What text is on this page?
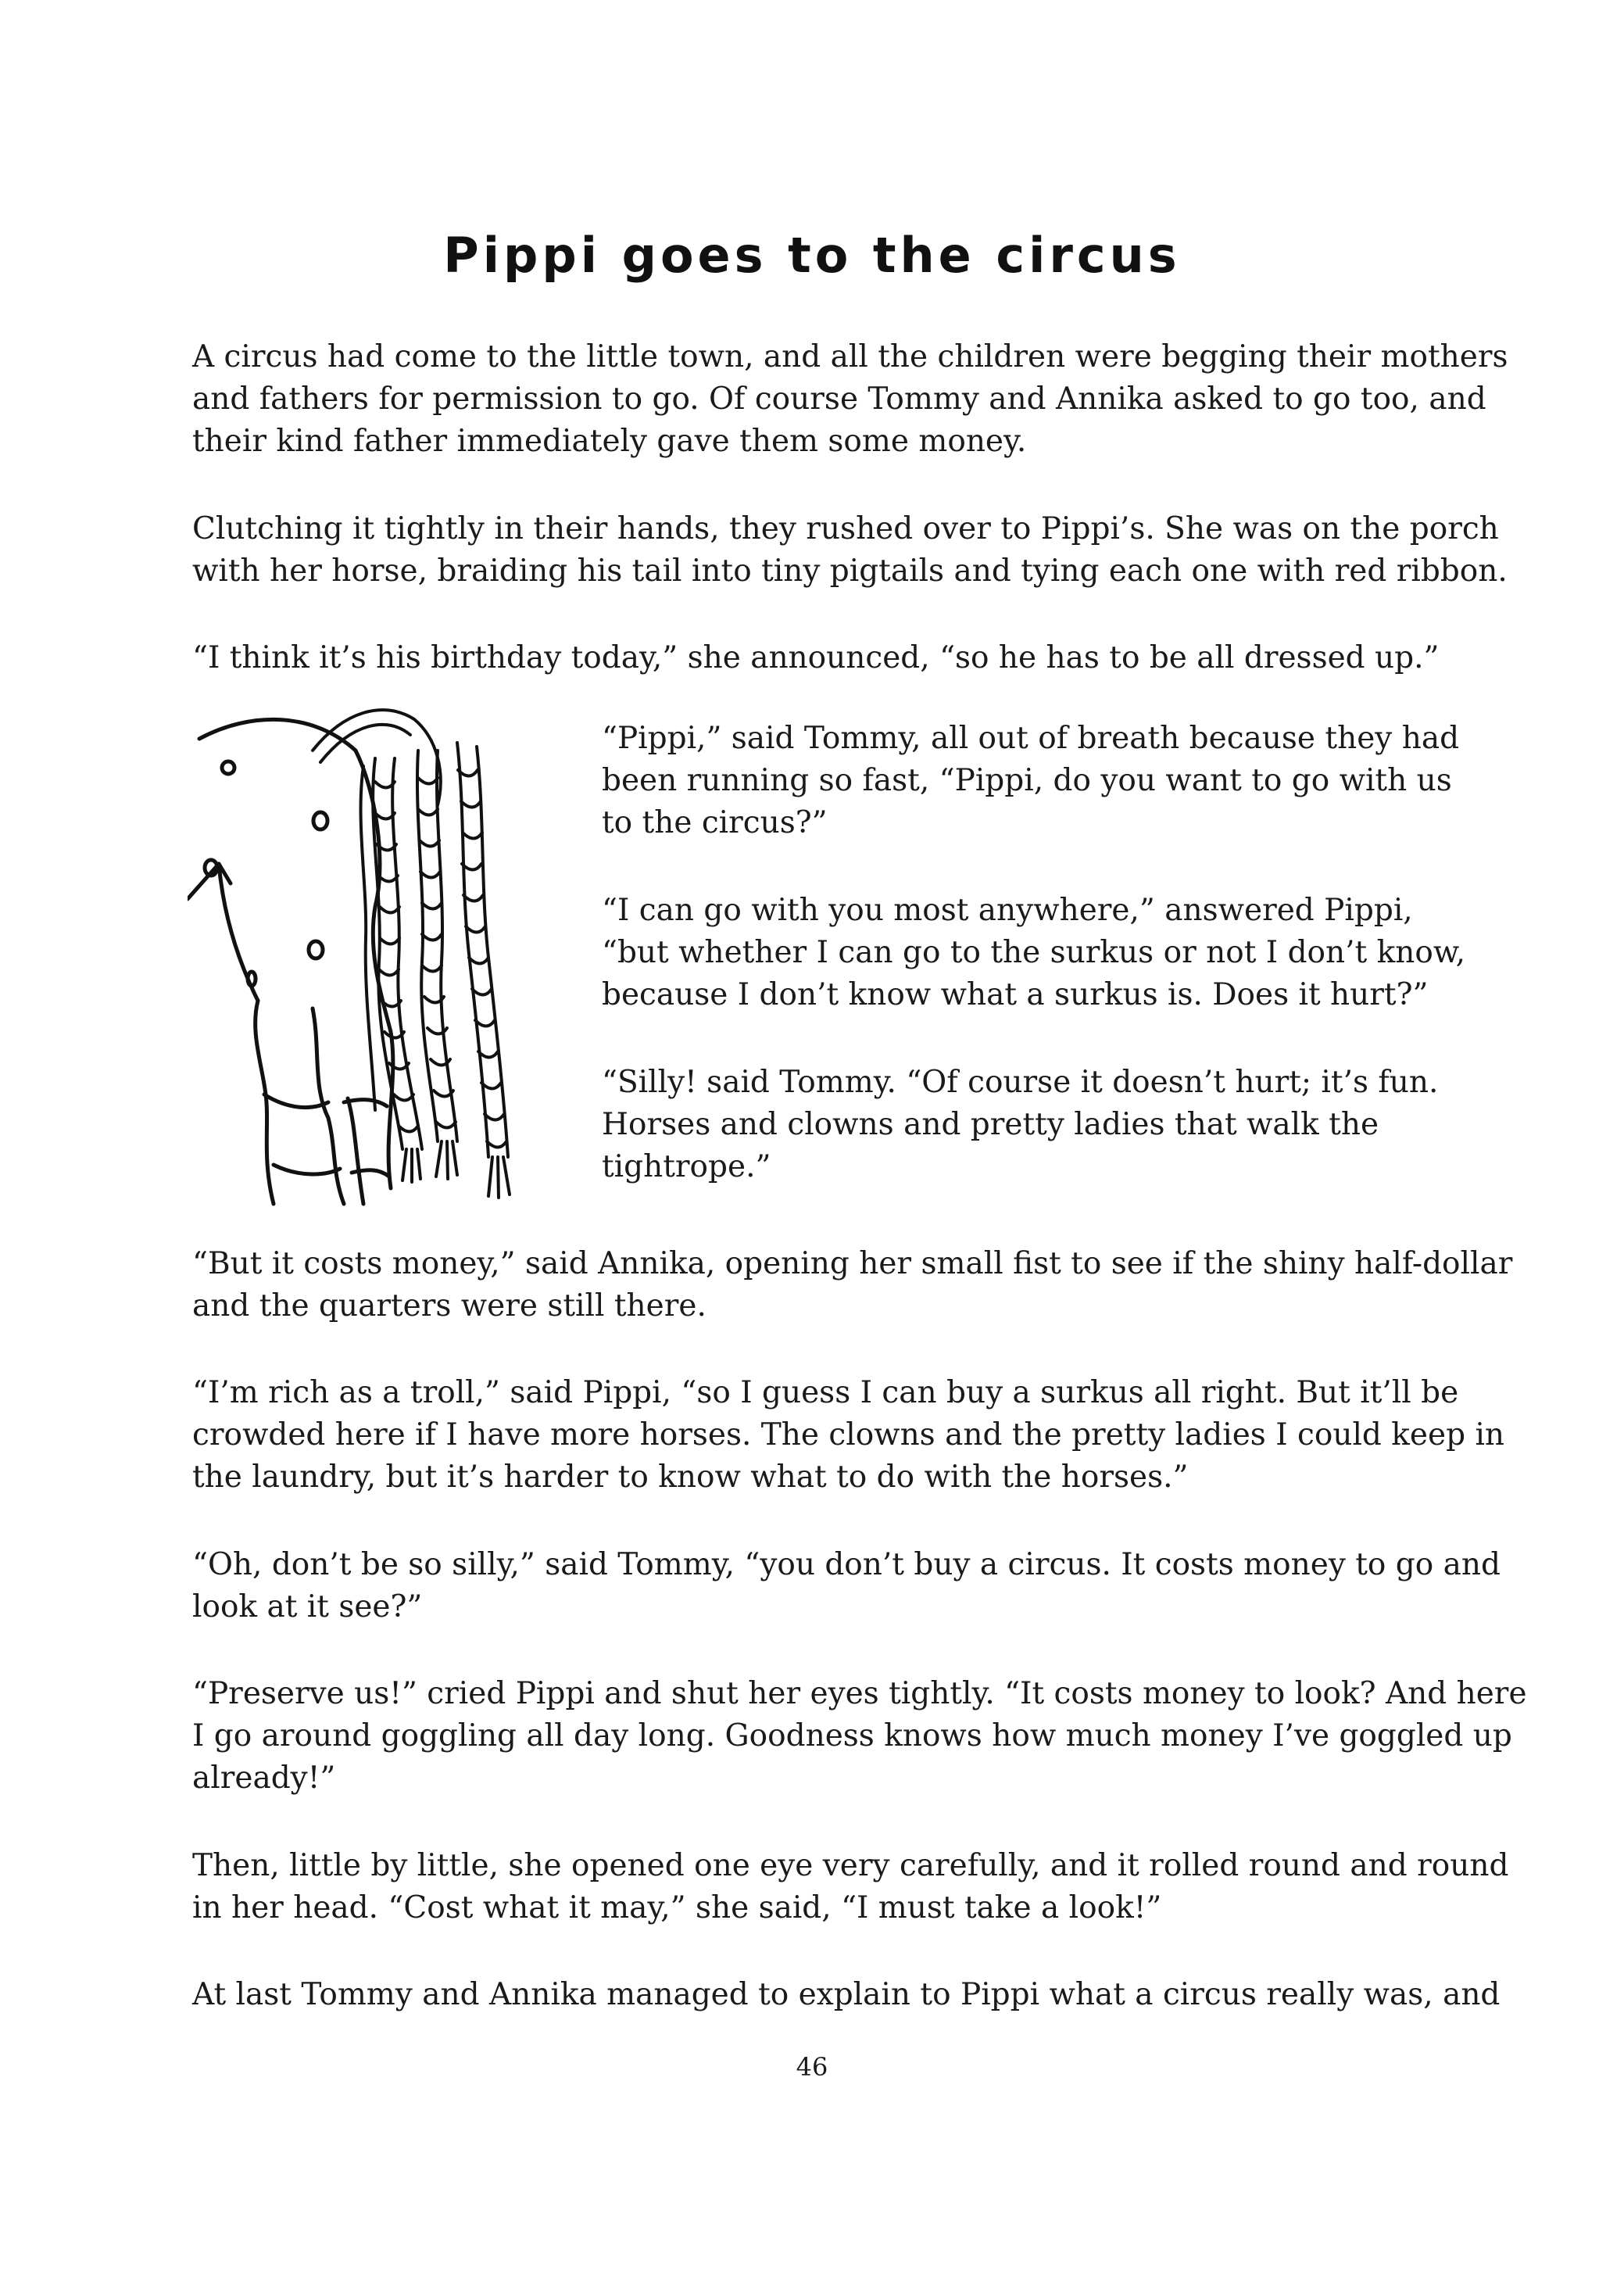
Pippi goes to the circus

A circus had come to the little town, and all the children were begging their mothers
and fathers for permission to go. Of course Tommy and Annika asked to go too, and
their kind father immediately gave them some money.

Clutching it tightly in their hands, they rushed over to Pippi’s. She was on the porch
with her horse, braiding his tail into tiny pigtails and tying each one with red ribbon.

“I think it’s his birthday today,” she announced, “so he has to be all dressed up.”

“Pippi,” said Tommy, all out of breath because they had
been running so fast, “Pippi, do you want to go with us
to the circus?”

“I can go with you most anywhere,” answered Pippi,
“but whether I can go to the surkus or not I don’t know,
because I don’t know what a surkus is. Does it hurt?”

“Silly! said Tommy. “Of course it doesn’t hurt; it’s fun.
Horses and clowns and pretty ladies that walk the
tightrope.”

“But it costs money,” said Annika, opening her small fist to see if the shiny half-dollar
and the quarters were still there.

“I’m rich as a troll,” said Pippi, “so I guess I can buy a surkus all right. But it’ll be
crowded here if I have more horses. The clowns and the pretty ladies I could keep in
the laundry, but it’s harder to know what to do with the horses.”

“Oh, don’t be so silly,” said Tommy, “you don’t buy a circus. It costs money to go and
look at it see?”

“Preserve us!” cried Pippi and shut her eyes tightly. “It costs money to look? And here
I go around goggling all day long. Goodness knows how much money I’ve goggled up
already!”

Then, little by little, she opened one eye very carefully, and it rolled round and round
in her head. “Cost what it may,” she said, “I must take a look!”

At last Tommy and Annika managed to explain to Pippi what a circus really was, and

46
